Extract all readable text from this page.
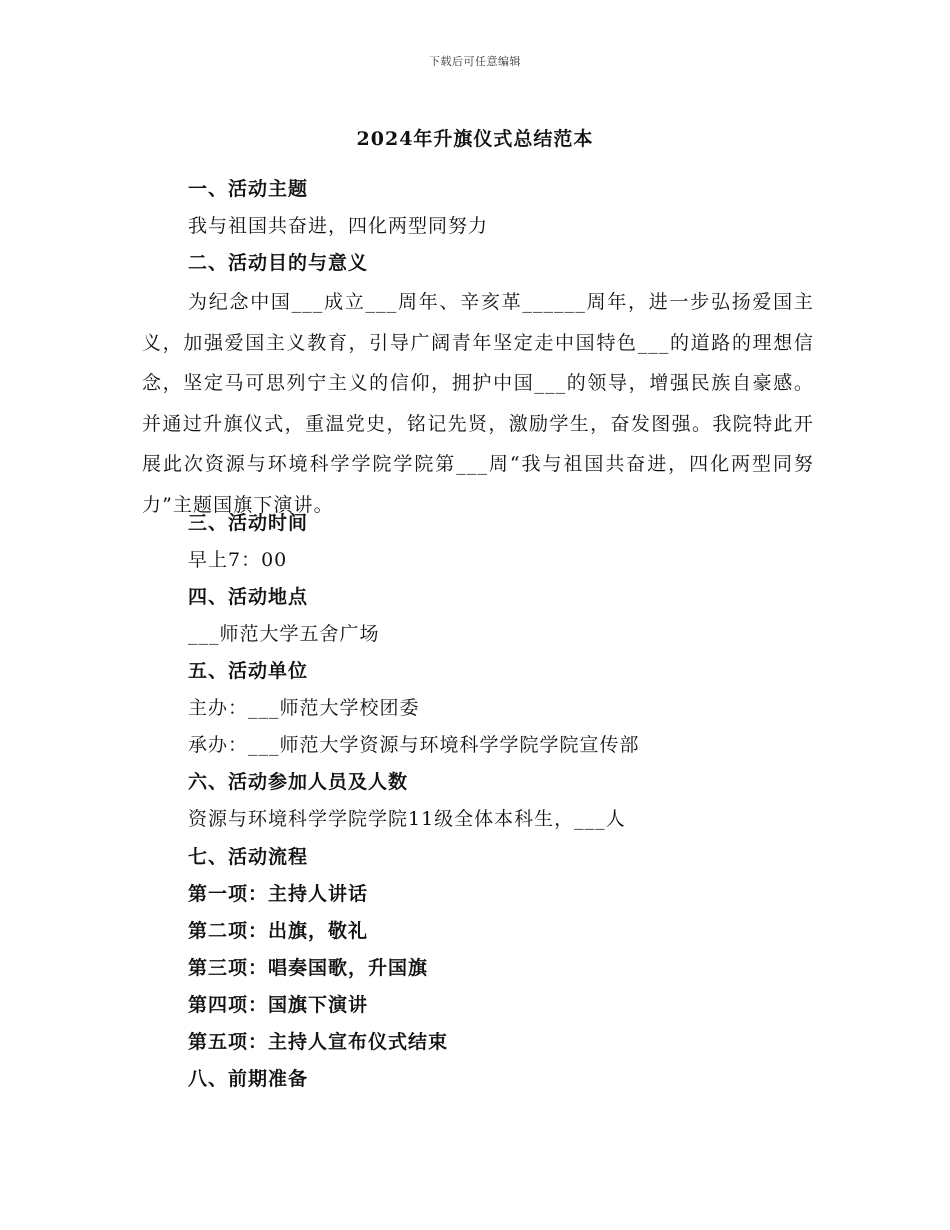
下载后可任意编辑
2024年升旗仪式总结范本
一、活动主题
我与祖国共奋进，四化两型同努力
二、活动目的与意义
为纪念中国___成立___周年、辛亥革______周年，进一步弘扬爱国主义，加强爱国主义教育，引导广阔青年坚定走中国特色___的道路的理想信念，坚定马可思列宁主义的信仰，拥护中国___的领导，增强民族自豪感。并通过升旗仪式，重温党史，铭记先贤，激励学生，奋发图强。我院特此开展此次资源与环境科学学院学院第___周“我与祖国共奋进，四化两型同努力”主题国旗下演讲。
三、活动时间
早上7：00
四、活动地点
___师范大学五舍广场
五、活动单位
主办：___师范大学校团委
承办：___师范大学资源与环境科学学院学院宣传部
六、活动参加人员及人数
资源与环境科学学院学院11级全体本科生，___人
七、活动流程
第一项：主持人讲话
第二项：出旗，敬礼
第三项：唱奏国歌，升国旗
第四项：国旗下演讲
第五项：主持人宣布仪式结束
八、前期准备
